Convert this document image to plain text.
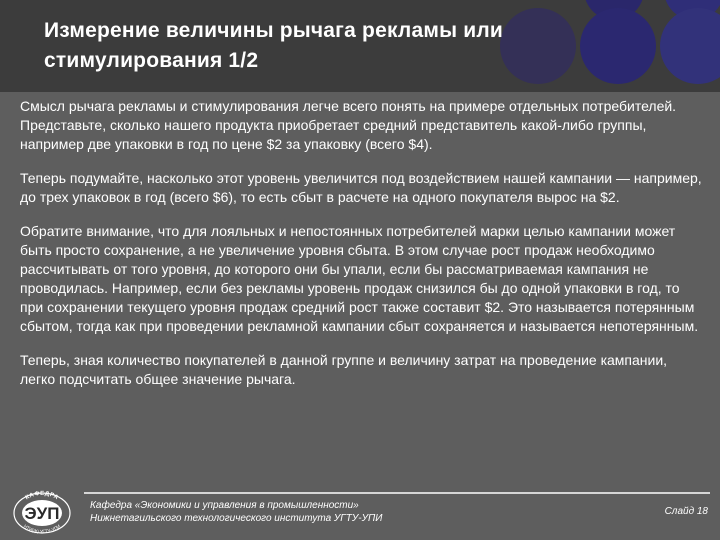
Измерение величины рычага рекламы или стимулирования 1/2

Смысл рычага рекламы и стимулирования легче всего понять на примере отдельных потребителей. Представьте, сколько нашего продукта приобретает средний представитель какой-либо группы, например две упаковки в год по цене $2 за упаковку (всего $4).

Теперь подумайте, насколько этот уровень увеличится под воздействием нашей кампании — например, до трех упаковок в год (всего $6), то есть сбыт в расчете на одного покупателя вырос на $2.

Обратите внимание, что для лояльных и непостоянных потребителей марки целью кампании может быть просто сохранение, а не увеличение уровня сбыта. В этом случае рост продаж необходимо рассчитывать от того уровня, до которого они бы упали, если бы рассматриваемая кампания не проводилась. Например, если без рекламы уровень продаж снизился бы до одной упаковки в год, то при сохранении текущего уровня продаж средний рост также составит $2. Это называется потерянным сбытом, тогда как при проведении рекламной кампании сбыт сохраняется и называется непотерянным.

Теперь, зная количество покупателей в данной группе и величину затрат на проведение кампании, легко подсчитать общее значение рычага.

КАФЕДРА
ЭУП
НТИ(ф) УГТУ-УПИ
Кафедра «Экономики и управления в промышленности»
Нижнетагильского технологического института УГТУ-УПИ
Слайд 18
